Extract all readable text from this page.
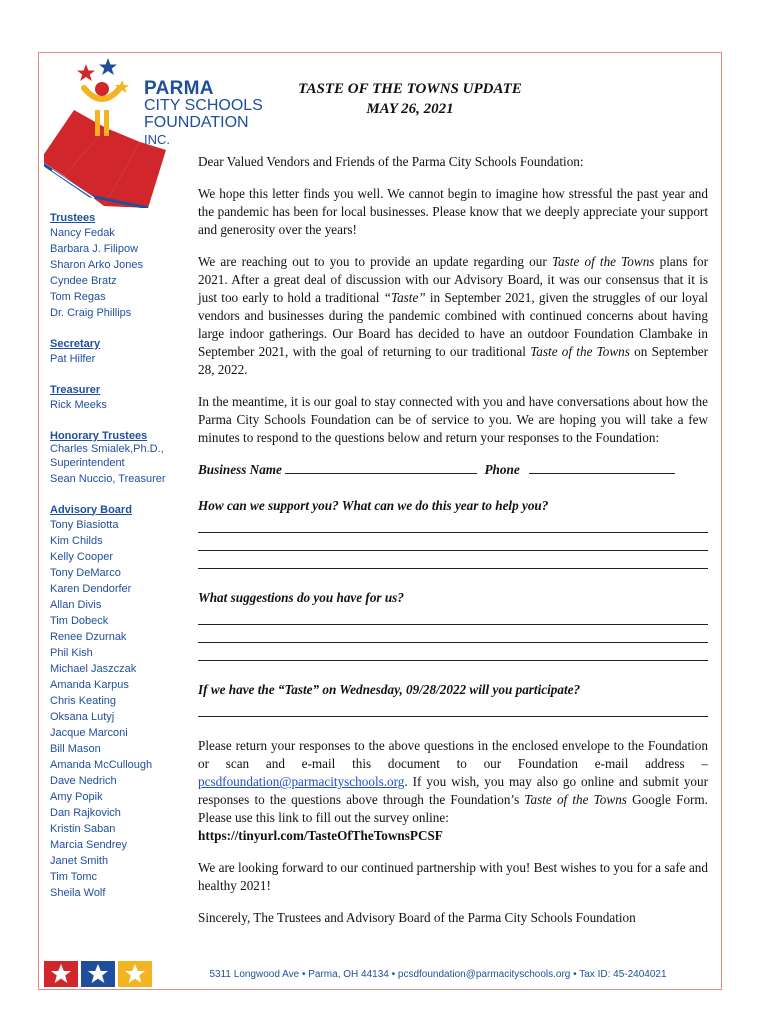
PARMA
CITY SCHOOLS
FOUNDATION
INC.
Trustees
Nancy Fedak
Barbara J. Filipow
Sharon Arko Jones
Cyndee Bratz
Tom Regas
Dr. Craig Phillips
Secretary
Pat Hilfer
Treasurer
Rick Meeks
Honorary Trustees
Charles Smialek,Ph.D., Superintendent
Sean Nuccio, Treasurer
Advisory Board
Tony Biasiotta
Kim Childs
Kelly Cooper
Tony DeMarco
Karen Dendorfer
Allan Divis
Tim Dobeck
Renee Dzurnak
Phil Kish
Michael Jaszczak
Amanda Karpus
Chris Keating
Oksana Lutyj
Jacque Marconi
Bill Mason
Amanda McCullough
Dave Nedrich
Amy Popik
Dan Rajkovich
Kristin Saban
Marcia Sendrey
Janet Smith
Tim Tomc
Sheila Wolf
TASTE OF THE TOWNS UPDATE
MAY 26, 2021

Dear Valued Vendors and Friends of the Parma City Schools Foundation:

We hope this letter finds you well. We cannot begin to imagine how stressful the past year and the pandemic has been for local businesses. Please know that we deeply appreciate your support and generosity over the years!

We are reaching out to you to provide an update regarding our Taste of the Towns plans for 2021. After a great deal of discussion with our Advisory Board, it was our consensus that it is just too early to hold a traditional “Taste” in September 2021, given the struggles of our loyal vendors and businesses during the pandemic combined with continued concerns about having large indoor gatherings. Our Board has decided to have an outdoor Foundation Clambake in September 2021, with the goal of returning to our traditional Taste of the Towns on September 28, 2022.

In the meantime, it is our goal to stay connected with you and have conversations about how the Parma City Schools Foundation can be of service to you. We are hoping you will take a few minutes to respond to the questions below and return your responses to the Foundation:

Business Name	Phone
How can we support you? What can we do this year to help you?
What suggestions do you have for us?
If we have the “Taste” on Wednesday, 09/28/2022 will you participate?

Please return your responses to the above questions in the enclosed envelope to the Foundation or scan and e-mail this document to our Foundation e-mail address – pcsdfoundation@parmacityschools.org. If you wish, you may also go online and submit your responses to the questions above through the Foundation’s Taste of the Towns Google Form. Please use this link to fill out the survey online:
https://tinyurl.com/TasteOfTheTownsPCSF

We are looking forward to our continued partnership with you! Best wishes to you for a safe and healthy 2021!

Sincerely, The Trustees and Advisory Board of the Parma City Schools Foundation

5311 Longwood Ave • Parma, OH 44134 • pcsdfoundation@parmacityschools.org • Tax ID: 45-2404021
